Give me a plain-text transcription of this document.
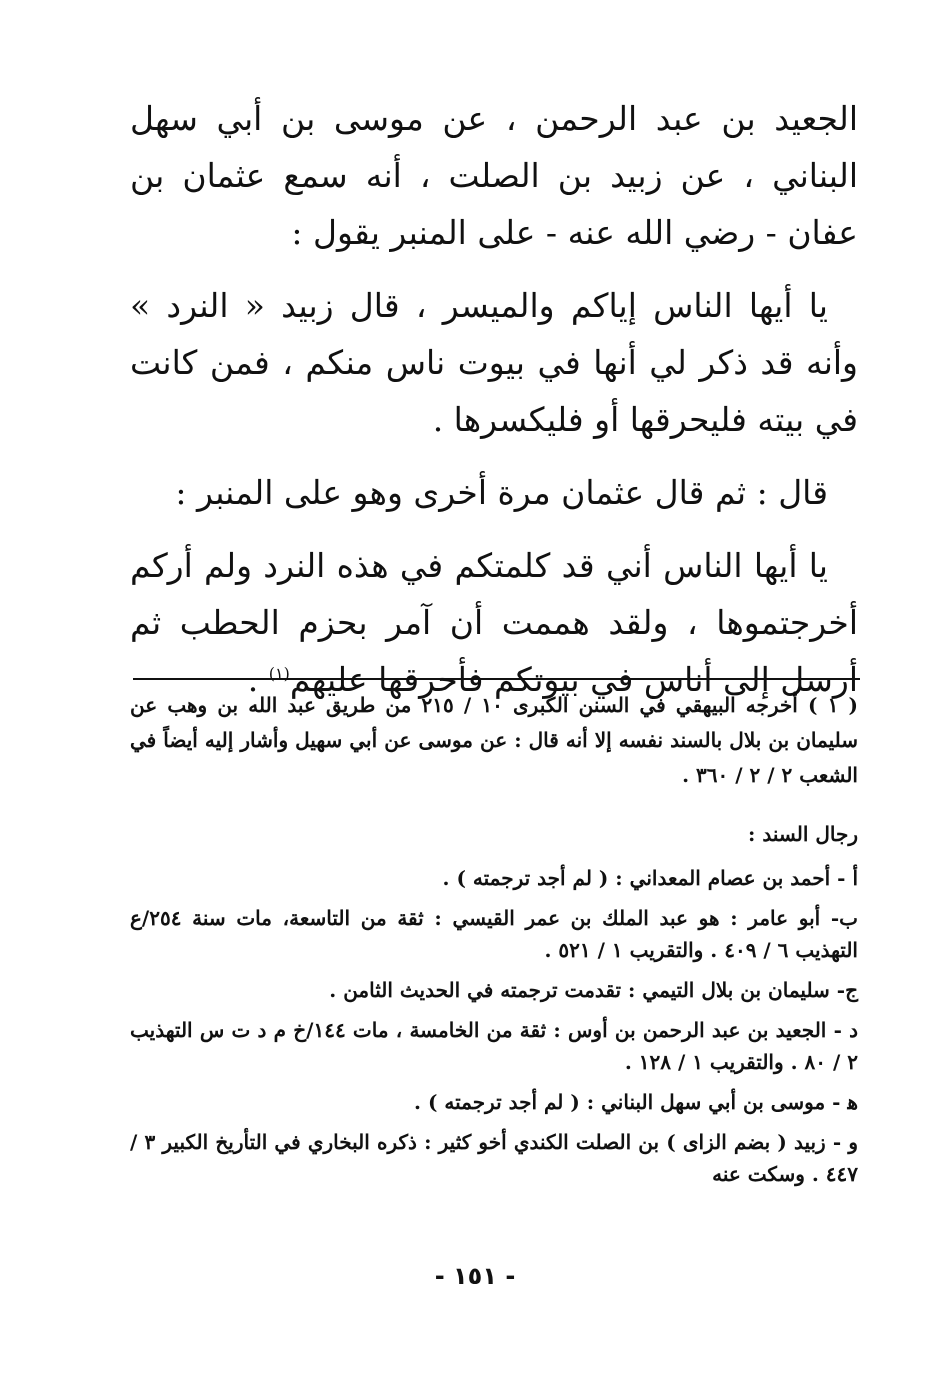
الجعيد بن عبد الرحمن ، عن موسى بن أبي سهل البناني ، عن زبيد بن الصلت ، أنه سمع عثمان بن عفان - رضي الله عنه - على المنبر يقول :

يا أيها الناس إياكم والميسر ، قال زبيد « النرد » وأنه قد ذكر لي أنها في بيوت ناس منكم ، فمن كانت في بيته فليحرقها أو فليكسرها .

قال : ثم قال عثمان مرة أخرى وهو على المنبر :

يا أيها الناس أني قد كلمتكم في هذه النرد ولم أركم أخرجتموها ، ولقد هممت أن آمر بحزم الحطب ثم أرسل إلى أناس في بيوتكم فأحرقها عليهم$^{(١)}$ .

( ١ ) أخرجه البيهقي في السنن الكبرى ١٠ / ٢١٥ من طريق عبد الله بن وهب عن سليمان بن بلال بالسند نفسه إلا أنه قال : عن موسى عن أبي سهيل وأشار إليه أيضاً في الشعب ٢ / ٢ / ٣٦٠ .

رجال السند :

أ - أحمد بن عصام المعداني : ( لم أجد ترجمته ) .

ب- أبو عامر : هو عبد الملك بن عمر القيسي : ثقة من التاسعة، مات سنة ٢٥٤/ع التهذيب ٦ / ٤٠٩ . والتقريب ١ / ٥٢١ .

ج- سليمان بن بلال التيمي : تقدمت ترجمته في الحديث الثامن .

د - الجعيد بن عبد الرحمن بن أوس : ثقة من الخامسة ، مات ١٤٤/خ م د ت س التهذيب ٢ / ٨٠ . والتقريب ١ / ١٢٨ .

ﻫ - موسى بن أبي سهل البناني : ( لم أجد ترجمته ) .

و - زبيد ( بضم الزاى ) بن الصلت الكندي أخو كثير : ذكره البخاري في التأريخ الكبير ٣ / ٤٤٧ . وسكت عنه

- ١٥١ -
